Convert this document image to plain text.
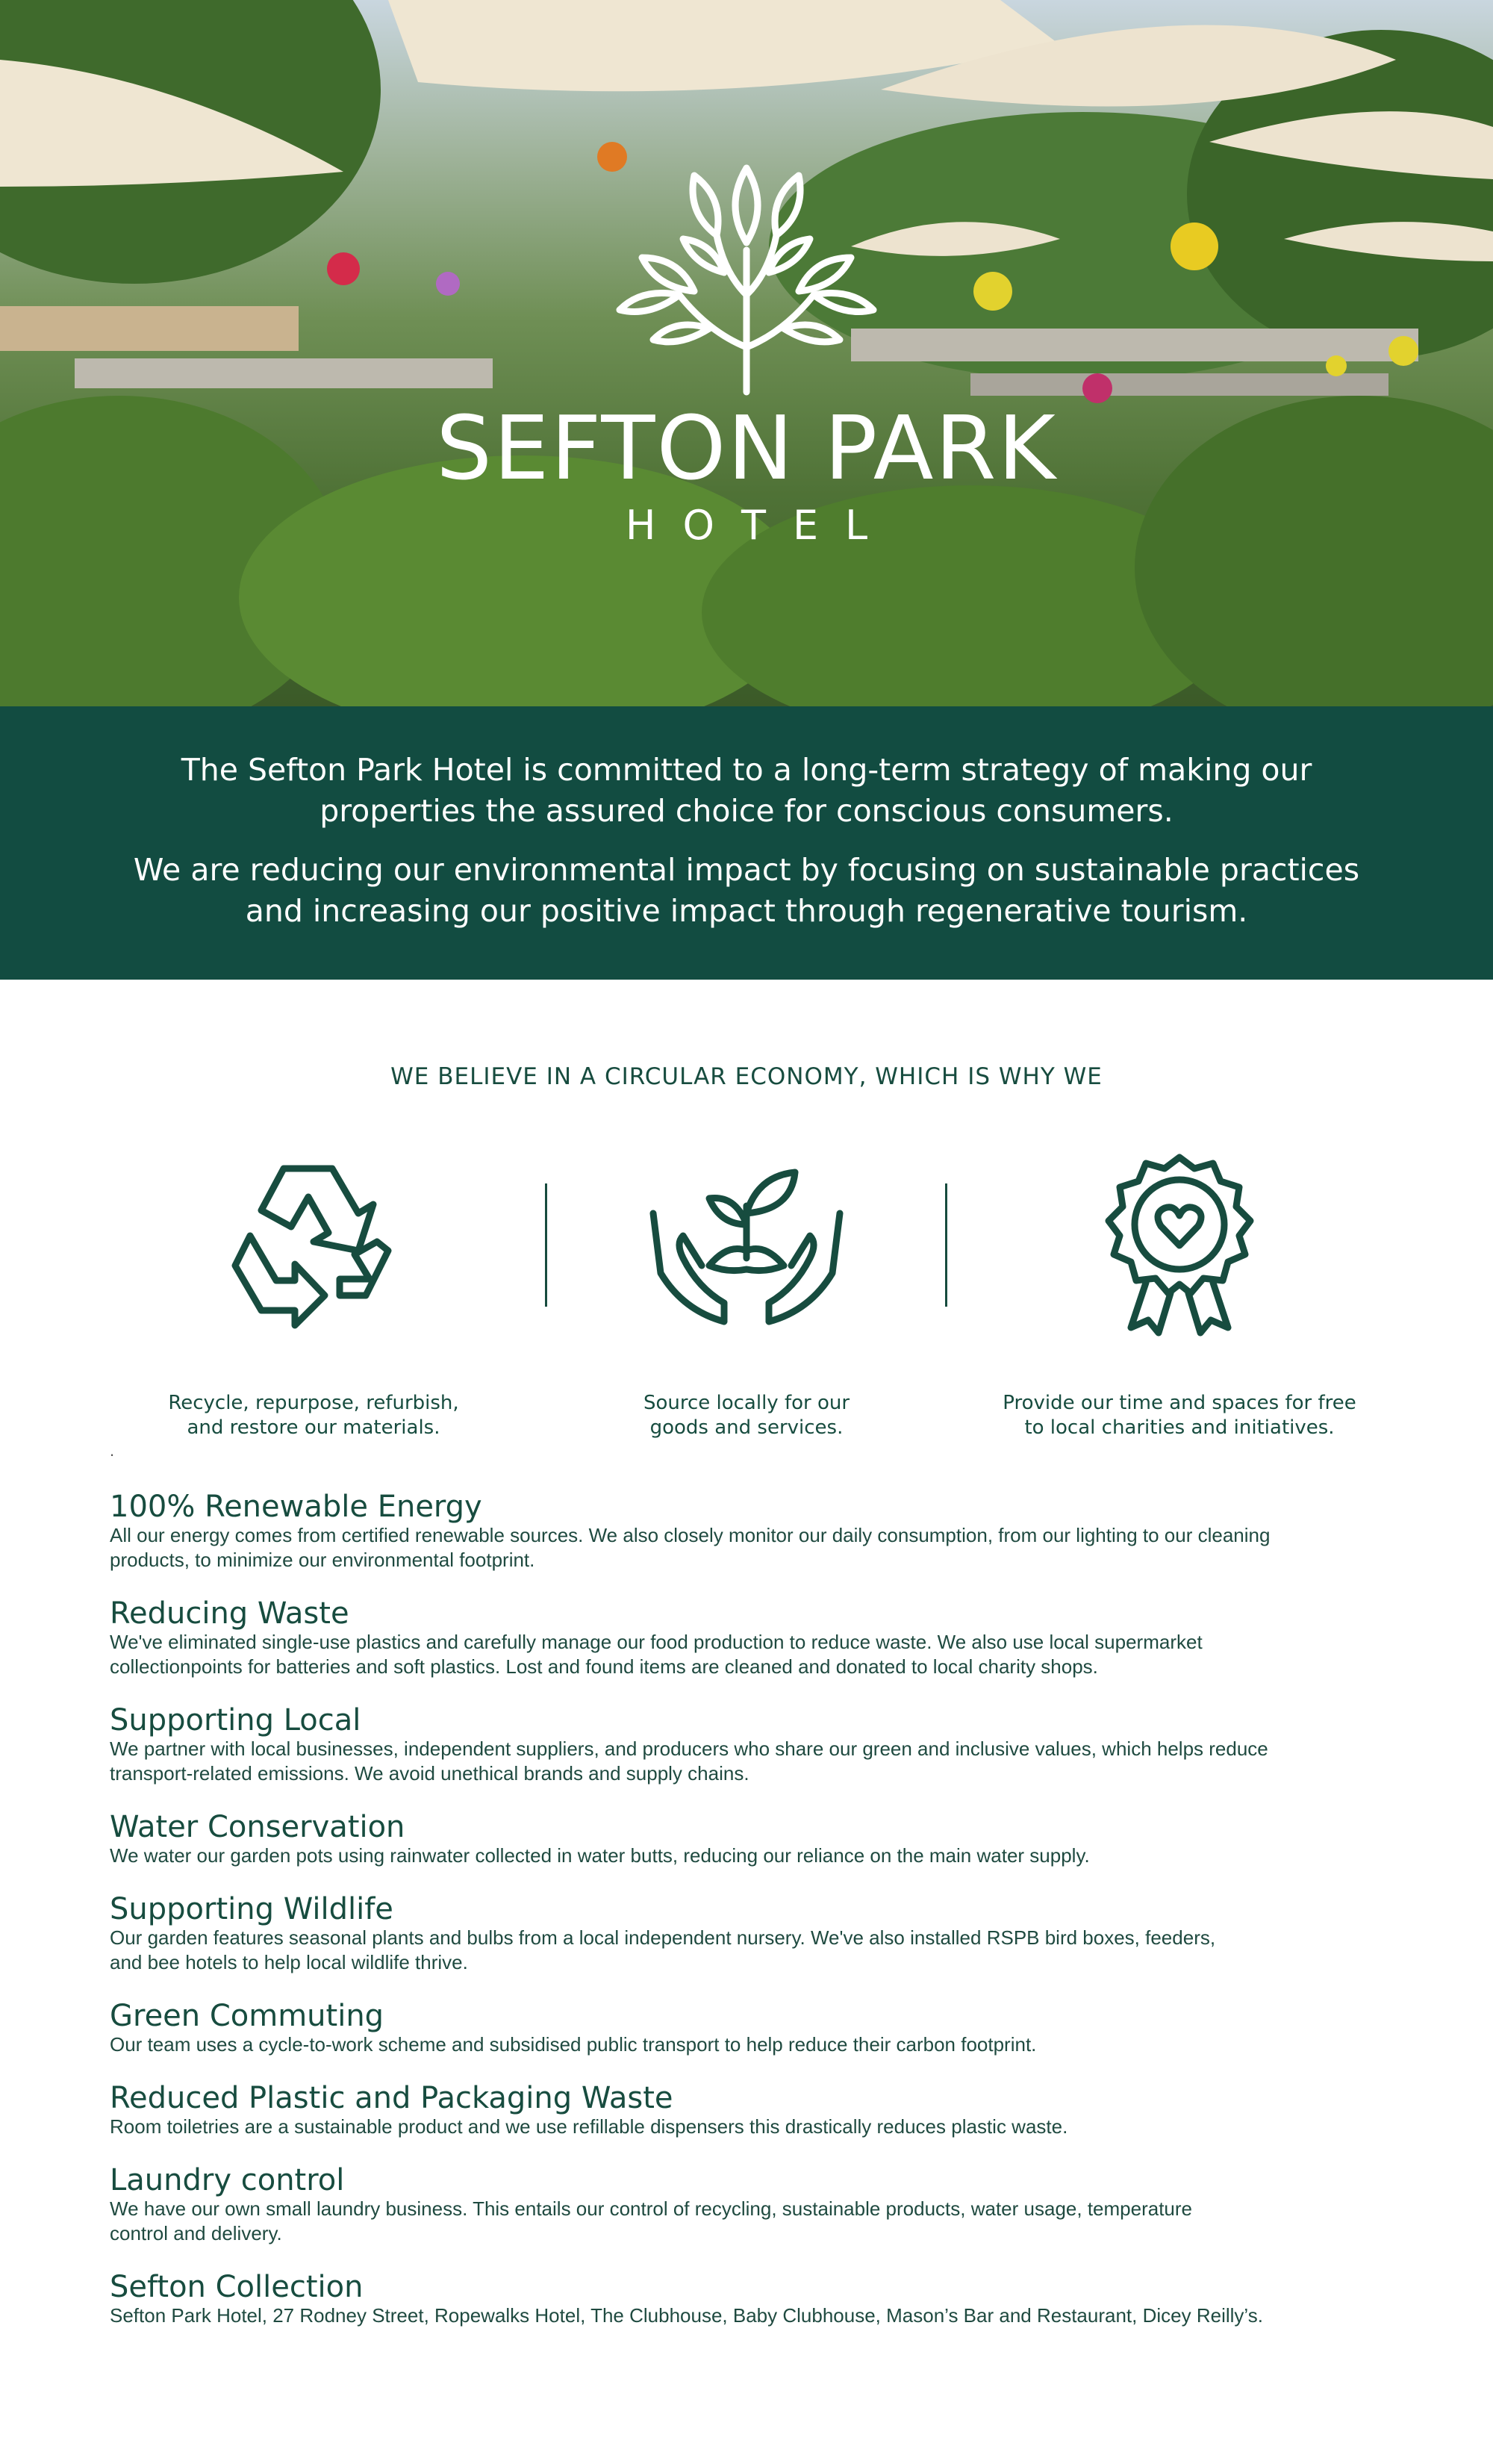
SEFTON PARK
HOTEL

The Sefton Park Hotel is committed to a long-term strategy of making our properties the assured choice for conscious consumers.

We are reducing our environmental impact by focusing on sustainable practices and increasing our positive impact through regenerative tourism.

WE BELIEVE IN A CIRCULAR ECONOMY, WHICH IS WHY WE
Recycle, repurpose, refurbish,
and restore our materials.
Source locally for our
goods and services.
Provide our time and spaces for free
to local charities and initiatives.
.
100% Renewable Energy

All our energy comes from certified renewable sources. We also closely monitor our daily consumption, from our lighting to our cleaning
products, to minimize our environmental footprint.

Reducing Waste

We've eliminated single-use plastics and carefully manage our food production to reduce waste. We also use local supermarket
collectionpoints for batteries and soft plastics. Lost and found items are cleaned and donated to local charity shops.

Supporting Local

We partner with local businesses, independent suppliers, and producers who share our green and inclusive values, which helps reduce
transport-related emissions. We avoid unethical brands and supply chains.

Water Conservation

We water our garden pots using rainwater collected in water butts, reducing our reliance on the main water supply.

Supporting Wildlife

Our garden features seasonal plants and bulbs from a local independent nursery. We've also installed RSPB bird boxes, feeders,
and bee hotels to help local wildlife thrive.

Green Commuting

Our team uses a cycle-to-work scheme and subsidised public transport to help reduce their carbon footprint.

Reduced Plastic and Packaging Waste

Room toiletries are a sustainable product and we use refillable dispensers this drastically reduces plastic waste.

Laundry control

We have our own small laundry business. This entails our control of recycling, sustainable products, water usage, temperature
control and delivery.

Sefton Collection

Sefton Park Hotel, 27 Rodney Street, Ropewalks Hotel, The Clubhouse, Baby Clubhouse, Mason’s Bar and Restaurant, Dicey Reilly’s.
